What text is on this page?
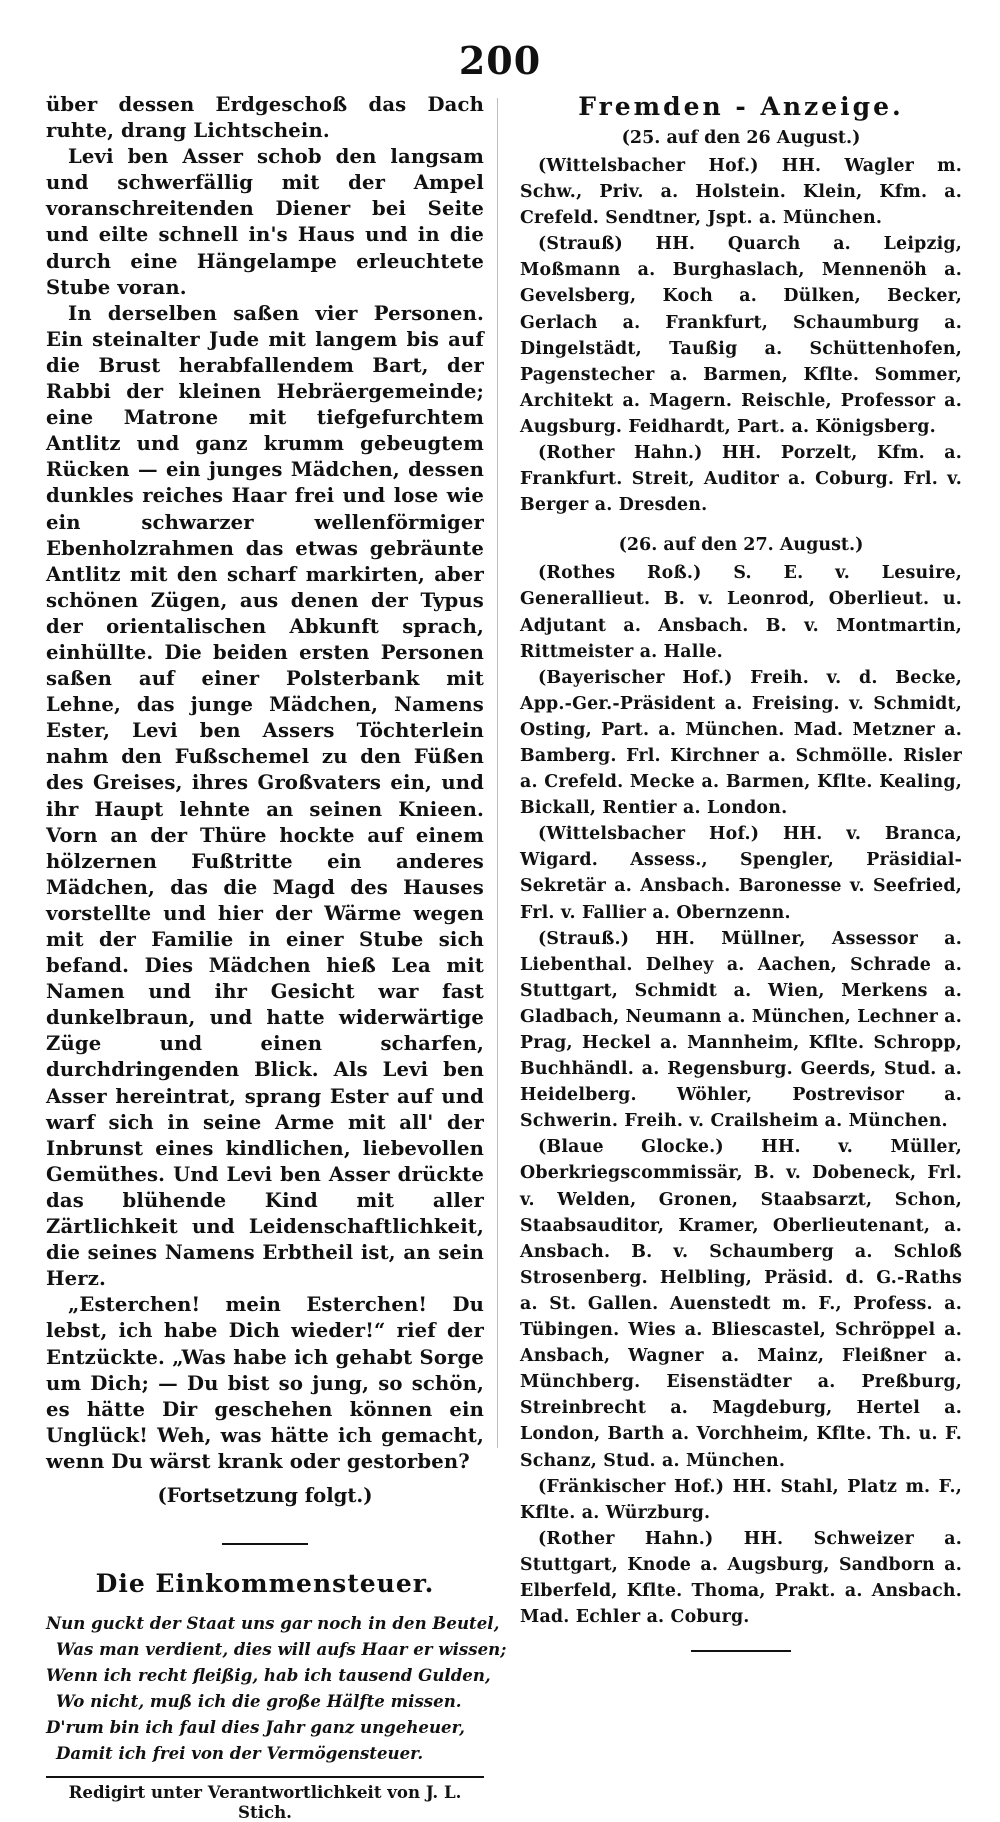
200

über dessen Erdgeschoß das Dach ruhte, drang Lichtschein.

Levi ben Asser schob den langsam und schwerfällig mit der Ampel voranschreitenden Diener bei Seite und eilte schnell in's Haus und in die durch eine Hängelampe erleuchtete Stube voran.

In derselben saßen vier Personen. Ein steinalter Jude mit langem bis auf die Brust herabfallendem Bart, der Rabbi der kleinen Hebräergemeinde; eine Matrone mit tiefgefurchtem Antlitz und ganz krumm gebeugtem Rücken — ein junges Mädchen, dessen dunkles reiches Haar frei und lose wie ein schwarzer wellenförmiger Ebenholzrahmen das etwas gebräunte Antlitz mit den scharf markirten, aber schönen Zügen, aus denen der Typus der orientalischen Abkunft sprach, einhüllte. Die beiden ersten Personen saßen auf einer Polsterbank mit Lehne, das junge Mädchen, Namens Ester, Levi ben Assers Töchterlein nahm den Fußschemel zu den Füßen des Greises, ihres Großvaters ein, und ihr Haupt lehnte an seinen Knieen. Vorn an der Thüre hockte auf einem hölzernen Fußtritte ein anderes Mädchen, das die Magd des Hauses vorstellte und hier der Wärme wegen mit der Familie in einer Stube sich befand. Dies Mädchen hieß Lea mit Namen und ihr Gesicht war fast dunkelbraun, und hatte widerwärtige Züge und einen scharfen, durchdringenden Blick. Als Levi ben Asser hereintrat, sprang Ester auf und warf sich in seine Arme mit all' der Inbrunst eines kindlichen, liebevollen Gemüthes. Und Levi ben Asser drückte das blühende Kind mit aller Zärtlichkeit und Leidenschaftlichkeit, die seines Namens Erbtheil ist, an sein Herz.

„Esterchen! mein Esterchen! Du lebst, ich habe Dich wieder!“ rief der Entzückte. „Was habe ich gehabt Sorge um Dich; — Du bist so jung, so schön, es hätte Dir geschehen können ein Unglück! Weh, was hätte ich gemacht, wenn Du wärst krank oder gestorben?

(Fortsetzung folgt.)
Die Einkommensteuer.
Nun guckt der Staat uns gar noch in den Beutel,
Was man verdient, dies will aufs Haar er wissen;
Wenn ich recht fleißig, hab ich tausend Gulden,
Wo nicht, muß ich die große Hälfte missen.
D'rum bin ich faul dies Jahr ganz ungeheuer,
Damit ich frei von der Vermögensteuer.
Redigirt unter Verantwortlichkeit von J. L. Stich.
Fremden - Anzeige.
(25. auf den 26 August.)

(Wittelsbacher Hof.) HH. Wagler m. Schw., Priv. a. Holstein. Klein, Kfm. a. Crefeld. Sendtner, Jspt. a. München.

(Strauß) HH. Quarch a. Leipzig, Moßmann a. Burghaslach, Mennenöh a. Gevelsberg, Koch a. Dülken, Becker, Gerlach a. Frankfurt, Schaumburg a. Dingelstädt, Taußig a. Schüttenhofen, Pagenstecher a. Barmen, Kflte. Sommer, Architekt a. Magern. Reischle, Professor a. Augsburg. Feidhardt, Part. a. Königsberg.

(Rother Hahn.) HH. Porzelt, Kfm. a. Frankfurt. Streit, Auditor a. Coburg. Frl. v. Berger a. Dresden.

(26. auf den 27. August.)

(Rothes Roß.) S. E. v. Lesuire, Generallieut. B. v. Leonrod, Oberlieut. u. Adjutant a. Ansbach. B. v. Montmartin, Rittmeister a. Halle.

(Bayerischer Hof.) Freih. v. d. Becke, App.-Ger.-Präsident a. Freising. v. Schmidt, Osting, Part. a. München. Mad. Metzner a. Bamberg. Frl. Kirchner a. Schmölle. Risler a. Crefeld. Mecke a. Barmen, Kflte. Kealing, Bickall, Rentier a. London.

(Wittelsbacher Hof.) HH. v. Branca, Wigard. Assess., Spengler, Präsidial-Sekretär a. Ansbach. Baronesse v. Seefried, Frl. v. Fallier a. Obernzenn.

(Strauß.) HH. Müllner, Assessor a. Liebenthal. Delhey a. Aachen, Schrade a. Stuttgart, Schmidt a. Wien, Merkens a. Gladbach, Neumann a. München, Lechner a. Prag, Heckel a. Mannheim, Kflte. Schropp, Buchhändl. a. Regensburg. Geerds, Stud. a. Heidelberg. Wöhler, Postrevisor a. Schwerin. Freih. v. Crailsheim a. München.

(Blaue Glocke.) HH. v. Müller, Oberkriegscommissär, B. v. Dobeneck, Frl. v. Welden, Gronen, Staabsarzt, Schon, Staabsauditor, Kramer, Oberlieutenant, a. Ansbach. B. v. Schaumberg a. Schloß Strosenberg. Helbling, Präsid. d. G.-Raths a. St. Gallen. Auenstedt m. F., Profess. a. Tübingen. Wies a. Bliescastel, Schröppel a. Ansbach, Wagner a. Mainz, Fleißner a. Münchberg. Eisenstädter a. Preßburg, Streinbrecht a. Magdeburg, Hertel a. London, Barth a. Vorchheim, Kflte. Th. u. F. Schanz, Stud. a. München.

(Fränkischer Hof.) HH. Stahl, Platz m. F., Kflte. a. Würzburg.

(Rother Hahn.) HH. Schweizer a. Stuttgart, Knode a. Augsburg, Sandborn a. Elberfeld, Kflte. Thoma, Prakt. a. Ansbach. Mad. Echler a. Coburg.
